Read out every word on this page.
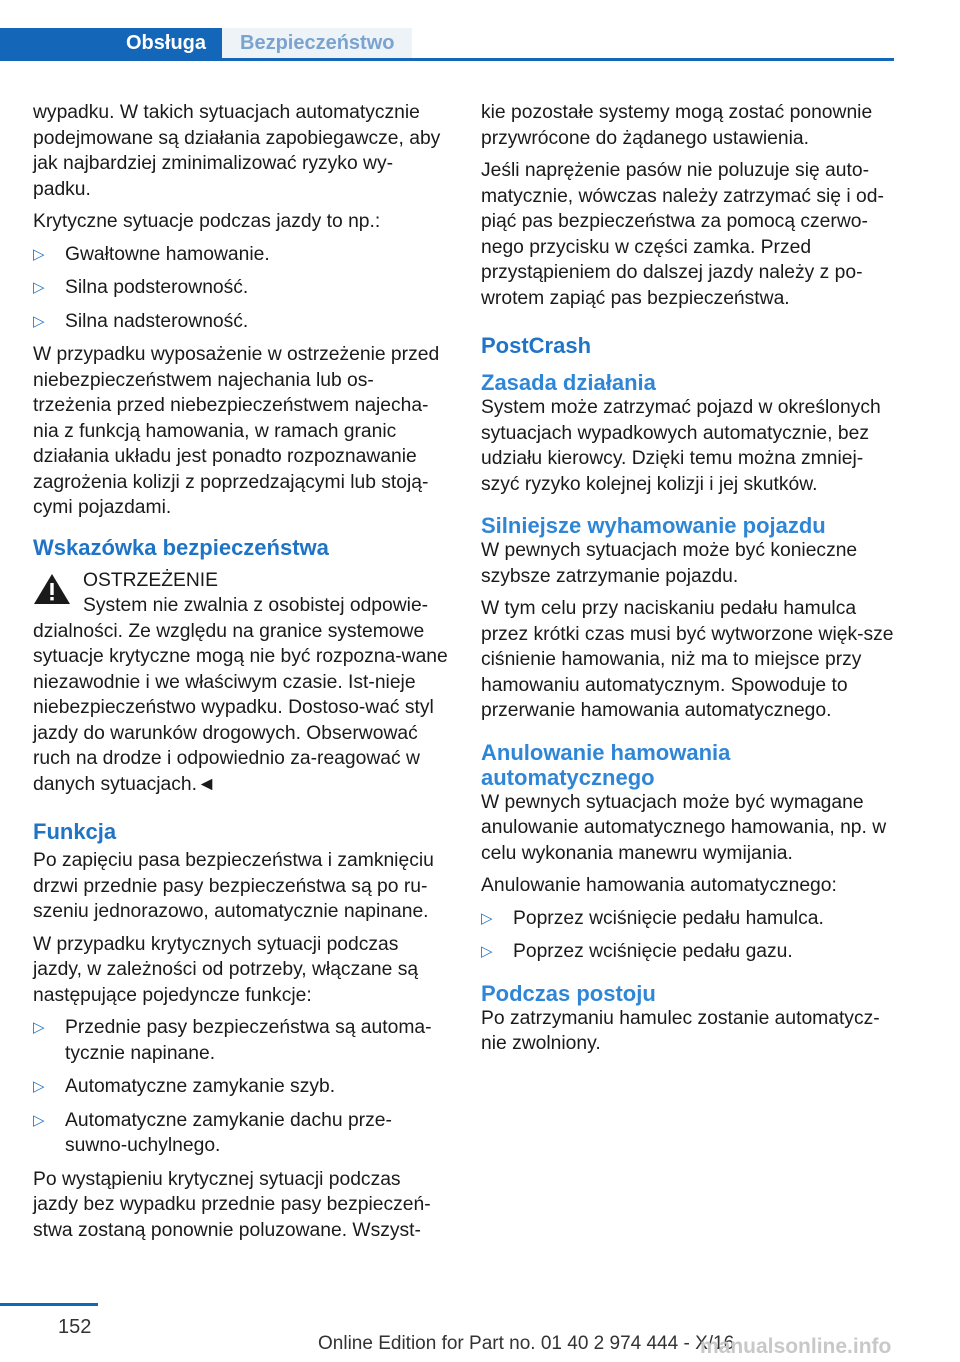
Obsługa	Bezpieczeństwo

wypadku. W takich sytuacjach automatycznie podejmowane są działania zapobiegawcze, aby jak najbardziej zminimalizować ryzyko wy-padku.

Krytyczne sytuacje podczas jazdy to np.:

▷ Gwałtowne hamowanie.
▷ Silna podsterowność.
▷ Silna nadsterowność.

W przypadku wyposażenie w ostrzeżenie przed niebezpieczeństwem najechania lub os-trzeżenia przed niebezpieczeństwem najecha-nia z funkcją hamowania, w ramach granic działania układu jest ponadto rozpoznawanie zagrożenia kolizji z poprzedzającymi lub stoją-cymi pojazdami.

Wskazówka bezpieczeństwa

OSTRZEŻENIE

System nie zwalnia z osobistej odpowie-dzialności. Ze względu na granice systemowe sytuacje krytyczne mogą nie być rozpozna-wane niezawodnie i we właściwym czasie. Ist-nieje niebezpieczeństwo wypadku. Dostoso-wać styl jazdy do warunków drogowych. Obserwować ruch na drodze i odpowiednio za-reagować w danych sytuacjach.◄

Funkcja

Po zapięciu pasa bezpieczeństwa i zamknięciu drzwi przednie pasy bezpieczeństwa są po ru-szeniu jednorazowo, automatycznie napinane.

W przypadku krytycznych sytuacji podczas jazdy, w zależności od potrzeby, włączane są następujące pojedyncze funkcje:

▷ Przednie pasy bezpieczeństwa są automa-tycznie napinane.
▷ Automatyczne zamykanie szyb.
▷ Automatyczne zamykanie dachu prze-suwno-uchylnego.

Po wystąpieniu krytycznej sytuacji podczas jazdy bez wypadku przednie pasy bezpieczeń-stwa zostaną ponownie poluzowane. Wszyst-

kie pozostałe systemy mogą zostać ponownie przywrócone do żądanego ustawienia.

Jeśli naprężenie pasów nie poluzuje się auto-matycznie, wówczas należy zatrzymać się i od-piąć pas bezpieczeństwa za pomocą czerwo-nego przycisku w części zamka. Przed przystąpieniem do dalszej jazdy należy z po-wrotem zapiąć pas bezpieczeństwa.

PostCrash
Zasada działania

System może zatrzymać pojazd w określonych sytuacjach wypadkowych automatycznie, bez udziału kierowcy. Dzięki temu można zmniej-szyć ryzyko kolejnej kolizji i jej skutków.

Silniejsze wyhamowanie pojazdu

W pewnych sytuacjach może być konieczne szybsze zatrzymanie pojazdu.

W tym celu przy naciskaniu pedału hamulca przez krótki czas musi być wytworzone więk-sze ciśnienie hamowania, niż ma to miejsce przy hamowaniu automatycznym. Spowoduje to przerwanie hamowania automatycznego.

Anulowanie hamowania automatycznego

W pewnych sytuacjach może być wymagane anulowanie automatycznego hamowania, np. w celu wykonania manewru wymijania.

Anulowanie hamowania automatycznego:

▷ Poprzez wciśnięcie pedału hamulca.
▷ Poprzez wciśnięcie pedału gazu.
Podczas postoju

Po zatrzymaniu hamulec zostanie automatycz-nie zwolniony.

152
Online Edition for Part no. 01 40 2 974 444 - X/16
manualsonline.info
